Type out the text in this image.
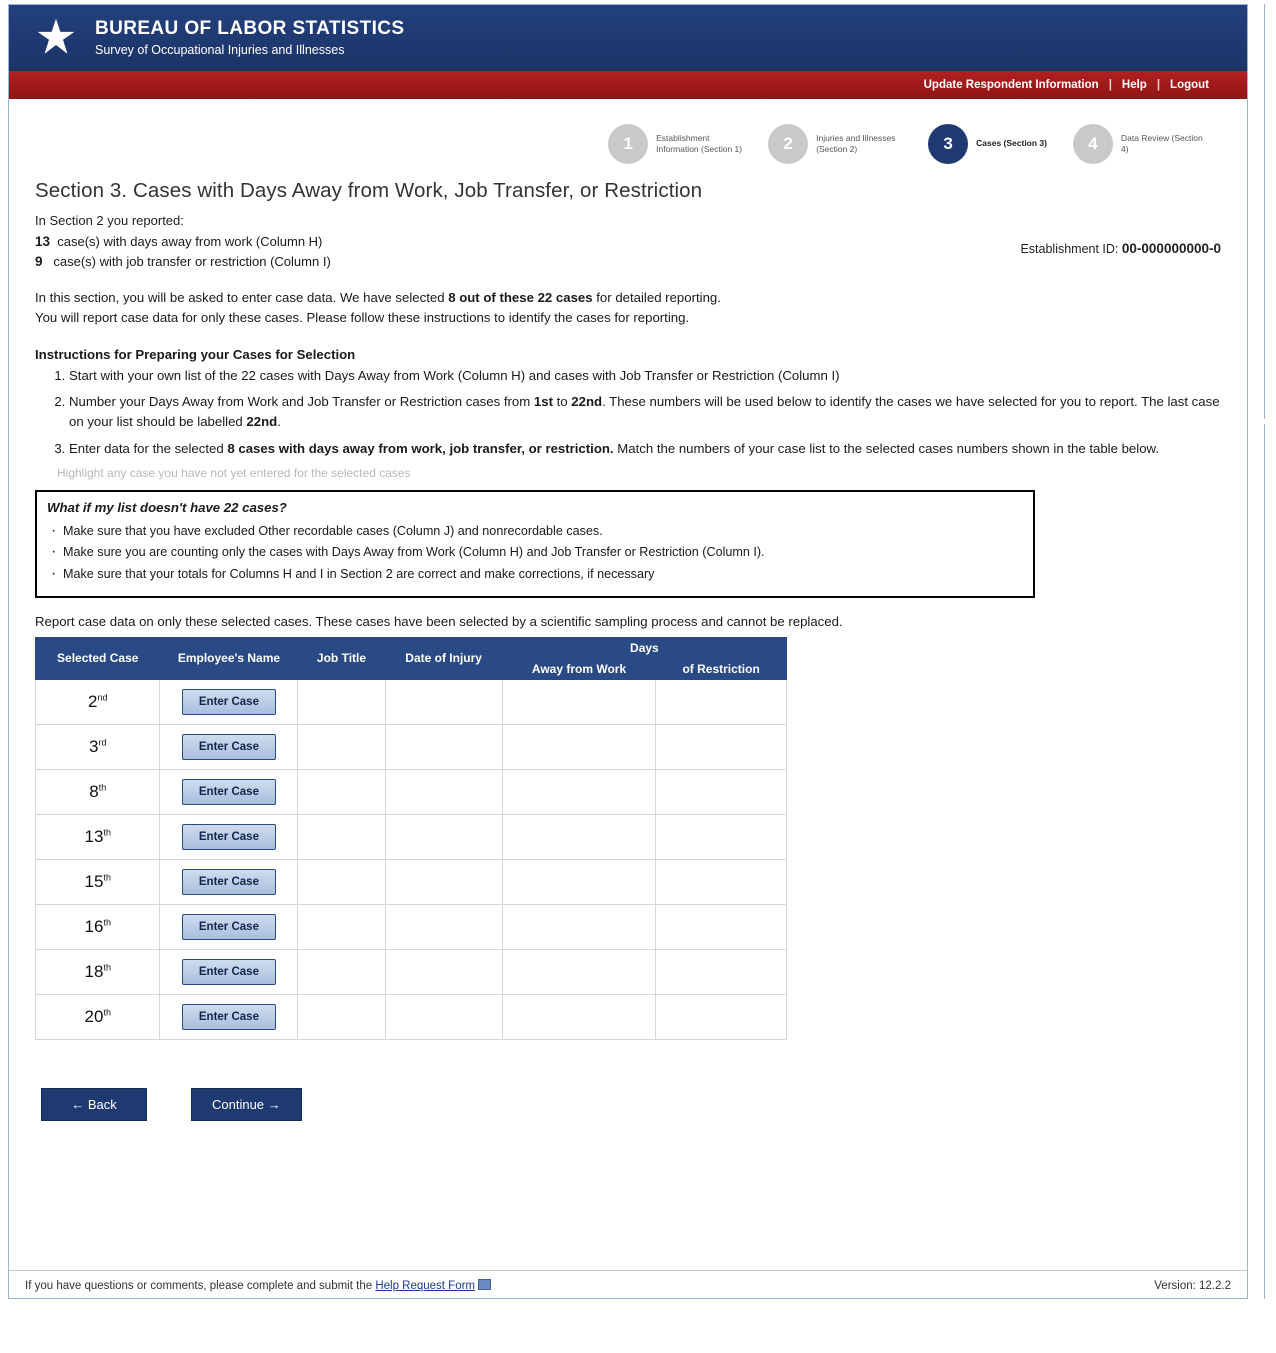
BUREAU OF LABOR STATISTICS
Survey of Occupational Injuries and Illnesses
Update Respondent Information | Help | Logout
1	Establishment Information (Section 1)	2	Injuries and Illnesses (Section 2)	3	Cases (Section 3)	4	Data Review (Section 4)
Section 3. Cases with Days Away from Work, Job Transfer, or Restriction
In Section 2 you reported:
13 case(s) with days away from work (Column H)
9 case(s) with job transfer or restriction (Column I)
In this section, you will be asked to enter case data. We have selected 8 out of these 22 cases for detailed reporting.
You will report case data for only these cases. Please follow these instructions to identify the cases for reporting.
Instructions for Preparing your Cases for Selection
1. Start with your own list of the 22 cases with Days Away from Work (Column H) and cases with Job Transfer or Restriction (Column I)
2. Number your Days Away from Work and Job Transfer or Restriction cases from 1st to 22nd. These numbers will be used below to identify the cases we have selected for you to report. The last case on your list should be labelled 22nd.
3. Enter data for the selected 8 cases with days away from work, job transfer, or restriction. Match the numbers of your case list to the selected cases numbers shown in the table below.
Highlight any case you have not yet entered for the selected cases
What if my list doesn't have 22 cases?
· Make sure that you have excluded Other recordable cases (Column J) and nonrecordable cases.
· Make sure you are counting only the cases with Days Away from Work (Column H) and Job Transfer or Restriction (Column I).
· Make sure that your totals for Columns H and I in Section 2 are correct and make corrections, if necessary
Report case data on only these selected cases. These cases have been selected by a scientific sampling process and cannot be replaced.
Selected Case	Employee's Name	Job Title	Date of Injury	Days	
				Away from Work	of Restriction
2nd	Enter Case				
3rd	Enter Case				
8th	Enter Case				
13th	Enter Case				
15th	Enter Case				
16th	Enter Case				
18th	Enter Case				
20th	Enter Case				
← Back	Continue →
Establishment ID: 00-000000000-0
If you have questions or comments, please complete and submit the Help Request Form	Version: 12.2.2
